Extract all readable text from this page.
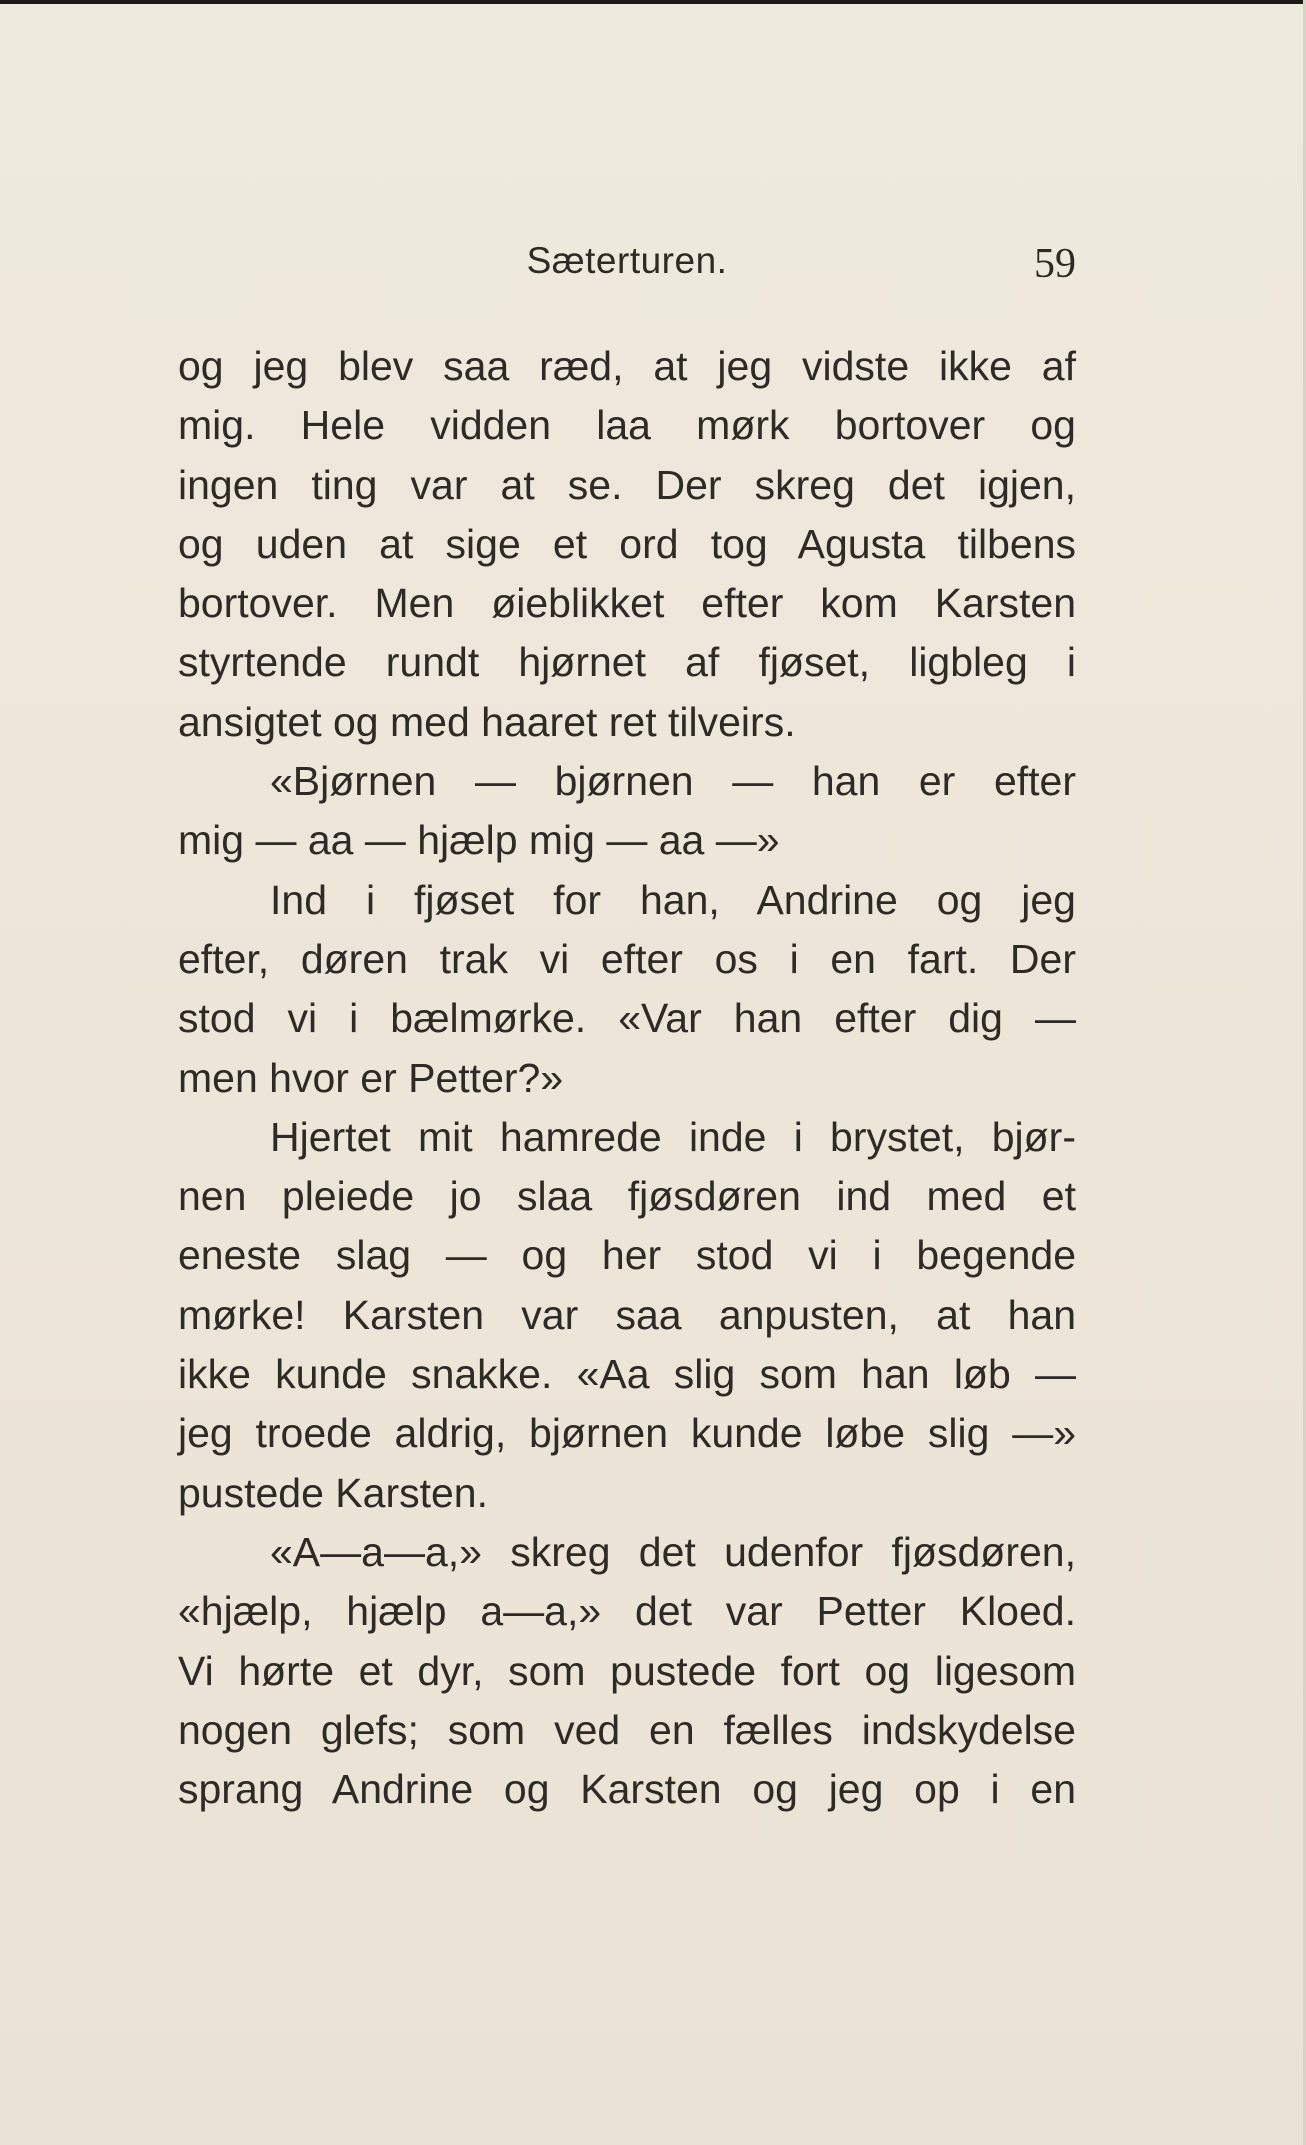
Sæterturen.	59
og jeg blev saa ræd, at jeg vidste ikke af
mig. Hele vidden laa mørk bortover og
ingen ting var at se. Der skreg det igjen,
og uden at sige et ord tog Agusta tilbens
bortover. Men øieblikket efter kom Karsten
styrtende rundt hjørnet af fjøset, ligbleg i
ansigtet og med haaret ret tilveirs.
«Bjørnen — bjørnen — han er efter
mig — aa — hjælp mig — aa —»
Ind i fjøset for han, Andrine og jeg
efter, døren trak vi efter os i en fart. Der
stod vi i bælmørke. «Var han efter dig —
men hvor er Petter?»
Hjertet mit hamrede inde i brystet, bjør-
nen pleiede jo slaa fjøsdøren ind med et
eneste slag — og her stod vi i begende
mørke! Karsten var saa anpusten, at han
ikke kunde snakke. «Aa slig som han løb —
jeg troede aldrig, bjørnen kunde løbe slig —»
pustede Karsten.
«A—a—a,» skreg det udenfor fjøsdøren,
«hjælp, hjælp a—a,» det var Petter Kloed.
Vi hørte et dyr, som pustede fort og ligesom
nogen glefs; som ved en fælles indskydelse
sprang Andrine og Karsten og jeg op i en
